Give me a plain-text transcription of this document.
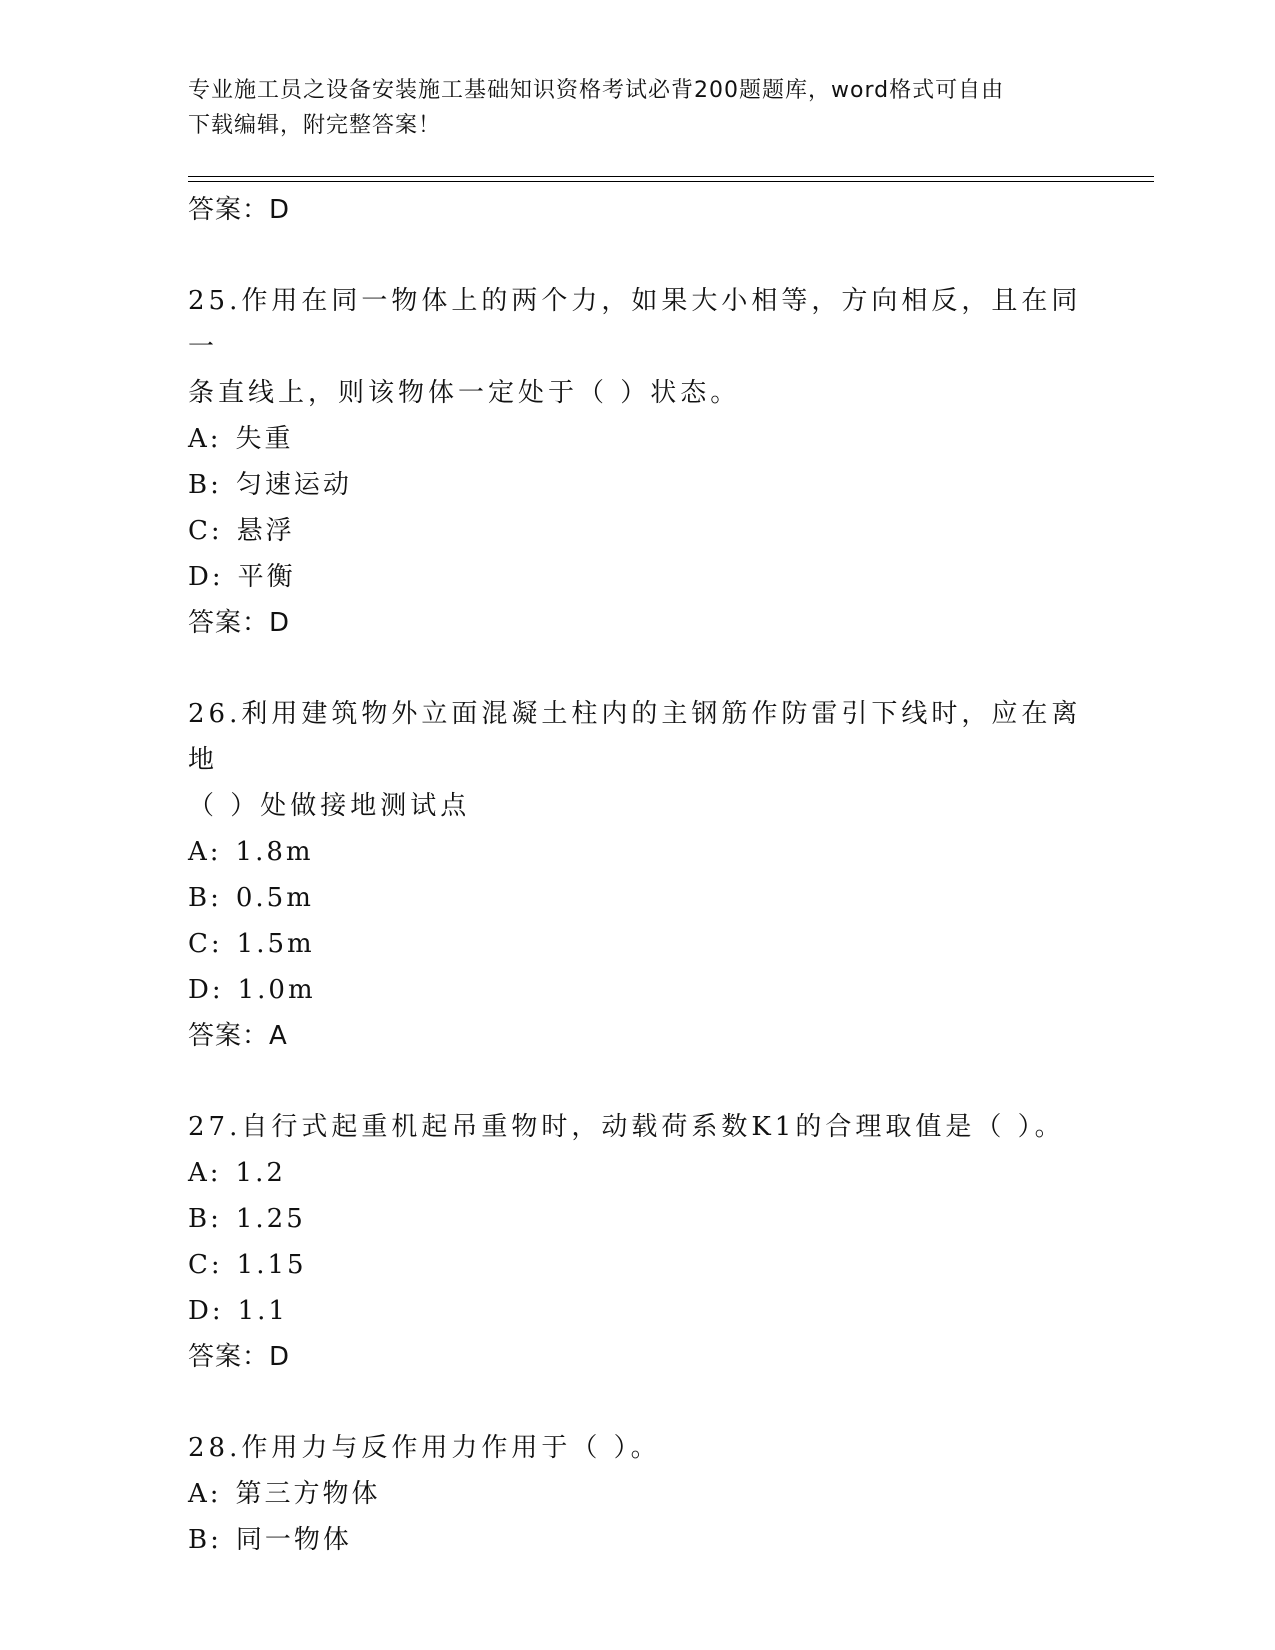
专业施工员之设备安装施工基础知识资格考试必背200题题库，word格式可自由
下载编辑，附完整答案！
答案：D
25.作用在同一物体上的两个力，如果大小相等，方向相反，且在同一
条直线上，则该物体一定处于（ ）状态。
A: 失重
B: 匀速运动
C: 悬浮
D: 平衡
答案：D
26.利用建筑物外立面混凝土柱内的主钢筋作防雷引下线时，应在离地
（ ）处做接地测试点
A: 1.8m
B: 0.5m
C: 1.5m
D: 1.0m
答案：A
27.自行式起重机起吊重物时，动载荷系数K1的合理取值是（ ）。
A: 1.2
B: 1.25
C: 1.15
D: 1.1
答案：D
28.作用力与反作用力作用于（ ）。
A: 第三方物体
B: 同一物体
